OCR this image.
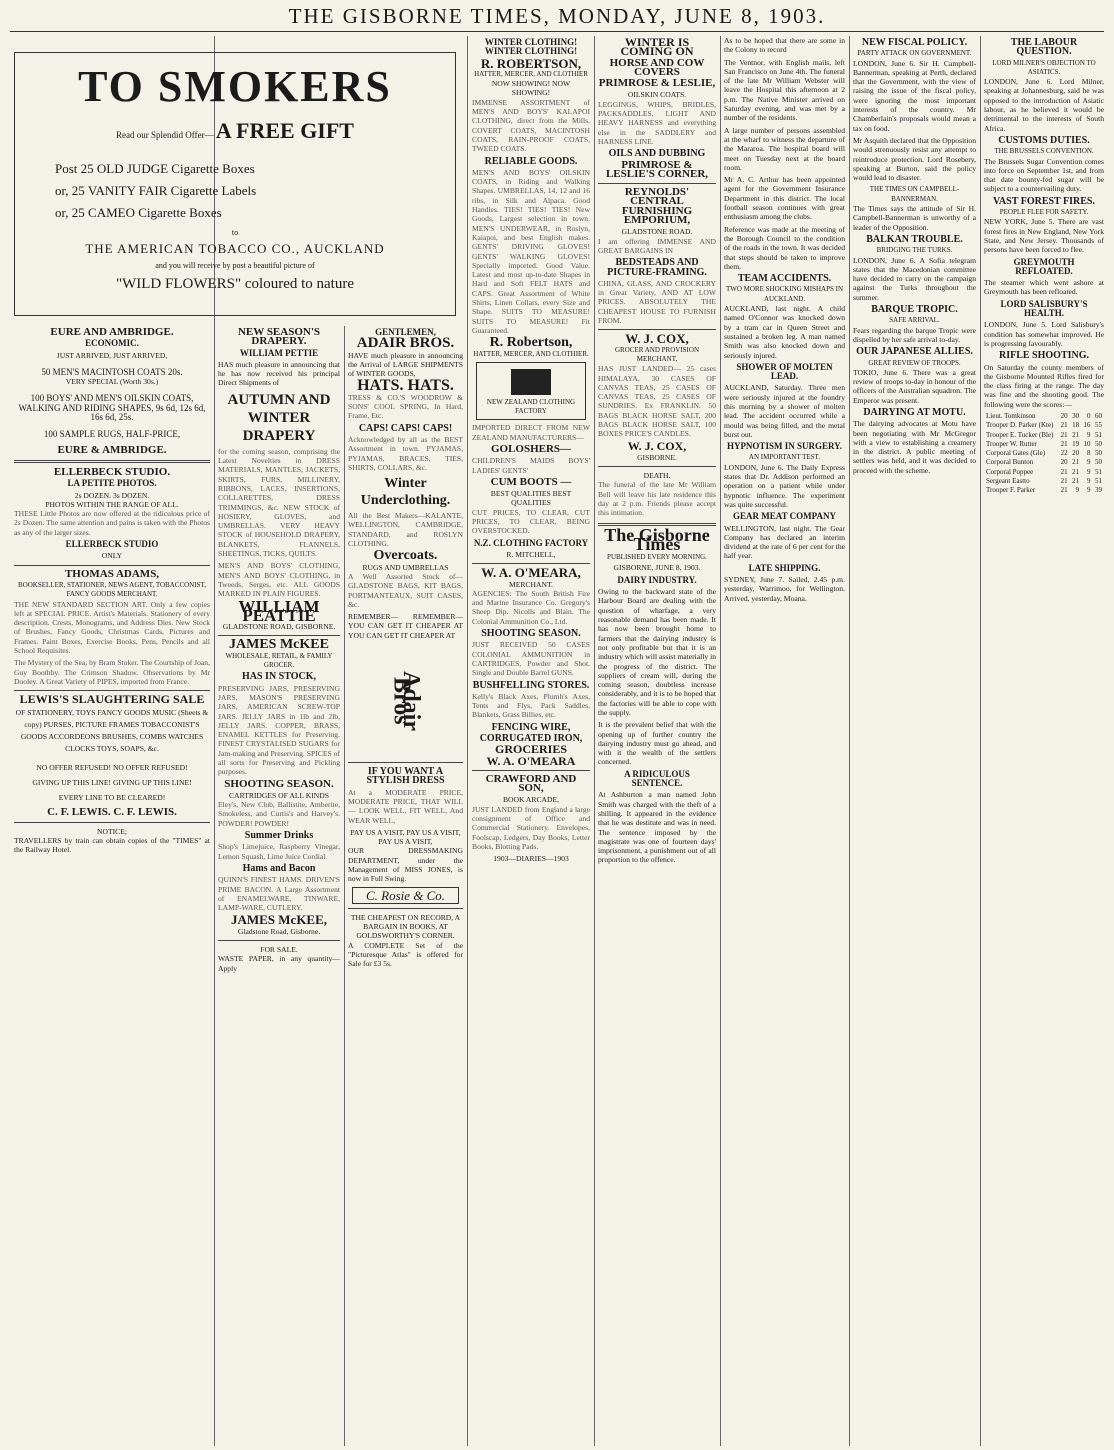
THE GISBORNE TIMES, MONDAY, JUNE 8, 1903.
TO SMOKERS
Read our Splendid Offer— A FREE GIFT
Post 25 OLD JUDGE Cigarette Boxes
or, 25 VANITY FAIR Cigarette Labels
or, 25 CAMEO Cigarette Boxes
to
THE AMERICAN TOBACCO CO., AUCKLAND
and you will receive by post a beautiful picture of
"WILD FLOWERS" coloured to nature
EURE AND AMBRIDGE.
ECONOMIC.
JUST ARRIVED, JUST ARRIVED,
50 MEN'S MACINTOSH COATS 20s.
VERY SPECIAL (Worth 30s.)
100 BOYS' AND MEN'S OILSKIN COATS, WALKING AND RIDING SHAPES, 9s 6d, 12s 6d, 16s 6d, 25s.
100 SAMPLE RUGS, HALF-PRICE,
EURE & AMBRIDGE.
ELLERBECK STUDIO.
LA PETITE PHOTOS.
2s DOZEN. 3s DOZEN.
PHOTOS WITHIN THE RANGE OF ALL.

THESE Little Photos are now offered at the ridiculous price of 2s Dozen. The same attention and pains is taken with the Photos as any of the larger sizes.

ELLERBECK STUDIO
ONLY
THOMAS ADAMS,
BOOKSELLER, STATIONER, NEWS AGENT, TOBACCONIST, FANCY GOODS MERCHANT.

THE NEW STANDARD SECTION ART. Only a few copies left at SPECIAL PRICE. Artist's Materials. Stationery of every description. Crests, Monograms, and Address Dies. New Stock of Brushes, Fancy Goods, Christmas Cards, Pictures and Frames. Paint Boxes, Exercise Books, Pens, Pencils and all School Requisites.

The Mystery of the Sea, by Bram Stoker. The Courtship of Joan, Guy Boothby. The Crimson Shadow. Observations by Mr Dooley. A Great Variety of PIPES, imported from France.

LEWIS'S SLAUGHTERING SALE
OF STATIONERY, TOYS FANCY GOODS MUSIC (Sheets & copy) PURSES, PICTURE FRAMES TOBACCONIST'S GOODS ACCORDEONS BRUSHES, COMBS WATCHES CLOCKS TOYS, SOAPS, &c.
NO OFFER REFUSED! NO OFFER REFUSED!
GIVING UP THIS LINE! GIVING UP THIS LINE!
EVERY LINE TO BE CLEARED!
C. F. LEWIS. C. F. LEWIS.
NOTICE;

TRAVELLERS by train can obtain copies of the "TIMES" at the Railway Hotel.

NEW SEASON'S DRAPERY.
WILLIAM PETTIE

HAS much pleasure in announcing that he has now received his principal Direct Shipments of

AUTUMN AND WINTER DRAPERY

for the coming season, comprising the Latest Novelties in DRESS MATERIALS, MANTLES, JACKETS, SKIRTS, FURS, MILLINERY, RIBBONS, LACES, INSERTIONS, COLLARETTES, DRESS TRIMMINGS, &c. NEW STOCK of HOSIERY, GLOVES, and UMBRELLAS. VERY HEAVY STOCK of HOUSEHOLD DRAPERY, BLANKETS, FLANNELS, SHEETINGS, TICKS, QUILTS.

MEN'S AND BOYS' CLOTHING, MEN'S AND BOYS' CLOTHING, in Tweeds, Serges, etc. ALL GOODS MARKED IN PLAIN FIGURES.

WILLIAM PEATTIE
GLADSTONE ROAD, GISBORNE.
JAMES McKEE
WHOLESALE, RETAIL, & FAMILY GROCER.
HAS IN STOCK,

PRESERVING JARS, PRESERVING JARS, MASON'S PRESERVING JARS, AMERICAN SCREW-TOP JARS. JELLY JARS in 1lb and 2lb, JELLY JARS. COPPER, BRASS, ENAMEL KETTLES for Preserving. FINEST CRYSTALISED SUGARS for Jam-making and Preserving. SPICES of all sorts for Preserving and Pickling purposes.

SHOOTING SEASON.
CARTRIDGES OF ALL KINDS

Eley's, New Club, Ballistite, Amberite, Smokeless, and Curtis's and Harvey's. POWDER! POWDER!

Summer Drinks

Shop's Limejuice, Raspberry Vinegar, Lemon Squash, Lime Juice Cordial.

Hams and Bacon

QUINN'S FINEST HAMS. DRIVEN'S PRIME BACON. A Large Assortment of ENAMELWARE, TINWARE, LAMP-WARE, CUTLERY.

JAMES McKEE,
Gladstone Road, Gisborne.
FOR SALE.

WASTE PAPER, in any quantity—Apply

GENTLEMEN,
ADAIR BROS.

HAVE much pleasure in announcing the Arrival of LARGE SHIPMENTS of WINTER GOODS,

HATS. HATS.

TRESS & CO.'S WOODROW & SONS' COOL SPRING, In Hard, Frame, Etc.

CAPS! CAPS! CAPS!

Acknowledged by all as the BEST Assortment in town. PYJAMAS, PYJAMAS, BRACES, TIES, SHIRTS, COLLARS, &c.

Winter Underclothing.

All the Best Makers—KALANTE, WELLINGTON, CAMBRIDGE, STANDARD, and ROSLYN CLOTHING.

Overcoats.
RUGS AND UMBRELLAS

A Well Assorted Stock of—GLADSTONE BAGS, KIT BAGS, PORTMANTEAUX, SUIT CASES, &c.

REMEMBER— REMEMBER— YOU CAN GET IT CHEAPER AT YOU CAN GET IT CHEAPER AT

Adair Bros
IF YOU WANT A STYLISH DRESS

At a MODERATE PRICE, MODERATE PRICE, THAT WILL— LOOK WELL, FIT WELL, And WEAR WELL,

PAY US A VISIT, PAY US A VISIT, PAY US A VISIT,

OUR DRESSMAKING DEPARTMENT, under the Management of MISS JONES, is now in Full Swing.

C. Rosie & Co.
THE CHEAPEST ON RECORD, A BARGAIN IN BOOKS, AT GOLDSWORTHY'S CORNER.

A COMPLETE Set of the "Picturesque Atlas" is offered for Sale for £3 5s.

WINTER CLOTHING! WINTER CLOTHING!
R. ROBERTSON,
HATTER, MERCER, AND CLOTHIER
NOW SHOWING! NOW SHOWING!

IMMENSE ASSORTMENT of MEN'S AND BOYS' KALAPOI CLOTHING, direct from the Mills. COVERT COATS, MACINTOSH COATS, RAIN-PROOF COATS, TWEED COATS.

RELIABLE GOODS.

MEN'S AND BOYS' OILSKIN COATS, in Riding and Walking Shapes. UMBRELLAS, 14, 12 and 16 ribs, in Silk and Alpaca. Good Handles. TIES! TIES! TIES! New Goods, Largest selection in town. MEN'S UNDERWEAR, in Roslyn, Kaiapoi, and best English makes. GENTS' DRIVING GLOVES! GENTS' WALKING GLOVES! Specially imported. Good Value. Latest and most up-to-date Shapes in Hard and Soft FELT HATS and CAPS. Great Assortment of White Shirts, Linen Collars, every Size and Shape. SUITS TO MEASURE! SUITS TO MEASURE! Fit Guaranteed.

R. Robertson,
HATTER, MERCER, AND CLOTHIER.
NEW ZEALAND CLOTHING FACTORY

IMPORTED DIRECT FROM NEW ZEALAND MANUFACTURERS—

GOLOSHERS—

CHILDREN'S MAIDS BOYS' LADIES' GENTS'

CUM BOOTS —
BEST QUALITIES BEST QUALITIES

CUT PRICES, TO CLEAR, CUT PRICES, TO CLEAR, BEING OVERSTOCKED.

N.Z. CLOTHING FACTORY
R. MITCHELL,
W. A. O'MEARA,
MERCHANT.

AGENCIES: The South British Fire and Marine Insurance Co. Gregory's Sheep Dip. Nicolls and Blain. The Colonial Ammunition Co., Ltd.

SHOOTING SEASON.

JUST RECEIVED 50 CASES COLONIAL AMMUNITION in CARTRIDGES, Powder and Shot. Single and Double Barrel GUNS.

BUSHFELLING STORES.

Kelly's Black Axes, Plumb's Axes, Tents and Flys, Pack Saddles, Blankets, Grass Billies, etc.

FENCING WIRE,
CORRUGATED IRON,
GROCERIES
W. A. O'MEARA
CRAWFORD AND SON,
BOOK ARCADE,

JUST LANDED from England a large consignment of Office and Commercial Stationery. Envelopes, Foolscap, Ledgers, Day Books, Letter Books, Blotting Pads.

1903—DIARIES—1903
WINTER IS COMING ON
HORSE AND COW COVERS
PRIMROSE & LESLIE,
OILSKIN COATS.

LEGGINGS, WHIPS, BRIDLES, PACKSADDLES, LIGHT AND HEAVY HARNESS and everything else in the SADDLERY and HARNESS LINE.

OILS AND DUBBING
PRIMROSE & LESLIE'S CORNER,
REYNOLDS' CENTRAL FURNISHING EMPORIUM,
GLADSTONE ROAD.

I am offering IMMENSE AND GREAT BARGAINS IN

BEDSTEADS AND PICTURE-FRAMING.

CHINA, GLASS, AND CROCKERY in Great Variety, AND AT LOW PRICES. ABSOLUTELY THE CHEAPEST HOUSE TO FURNISH FROM.

W. J. COX,
GROCER AND PROVISION MERCHANT,

HAS JUST LANDED— 25 cases HIMALAYA, 30 CASES OF CANVAS TEAS, 25 CASES OF CANVAS TEAS, 25 CASES OF SUNDRIES. Ex FRANKLIN. 50 BAGS BLACK HORSE SALT, 200 BAGS BLACK HORSE SALT, 100 BOXES PRICE'S CANDLES.

W. J. COX,
GISBORNE.
DEATH.

The funeral of the late Mr William Bell will leave his late residence this day at 2 p.m. Friends please accept this intimation.

The Gisborne Times
PUBLISHED EVERY MORNING.
GISBORNE, JUNE 8, 1903.
DAIRY INDUSTRY.

Owing to the backward state of the Harbour Board are dealing with the question of wharfage, a very reasonable demand has been made. It has now been brought home to farmers that the dairying industry is not only profitable but that it is an industry which will assist materially in the progress of the district. The suppliers of cream will, during the coming season, doubtless increase considerably, and it is to be hoped that the factories will be able to cope with the supply.

It is the prevalent belief that with the opening up of further country the dairying industry must go ahead, and with it the wealth of the settlers concerned.

A RIDICULOUS SENTENCE.

At Ashburton a man named John Smith was charged with the theft of a shilling. It appeared in the evidence that he was destitute and was in need. The sentence imposed by the magistrate was one of fourteen days' imprisonment, a punishment out of all proportion to the offence.

As to be hoped that there are some in the Colony to record

The Ventnor, with English mails, left San Francisco on June 4th. The funeral of the late Mr William Webster will leave the Hospital this afternoon at 2 p.m. The Native Minister arrived on Saturday evening, and was met by a number of the residents.

A large number of persons assembled at the wharf to witness the departure of the Mararoa. The hospital board will meet on Tuesday next at the board room.

Mr A. C. Arthur has been appointed agent for the Government Insurance Department in this district. The local football season continues with great enthusiasm among the clubs.

Reference was made at the meeting of the Borough Council to the condition of the roads in the town. It was decided that steps should be taken to improve them.

TEAM ACCIDENTS.
TWO MORE SHOCKING MISHAPS IN AUCKLAND.

AUCKLAND, last night. A child named O'Connor was knocked down by a tram car in Queen Street and sustained a broken leg. A man named Smith was also knocked down and seriously injured.

SHOWER OF MOLTEN LEAD.

AUCKLAND, Saturday. Three men were seriously injured at the foundry this morning by a shower of molten lead. The accident occurred while a mould was being filled, and the metal burst out.

HYPNOTISM IN SURGERY.
AN IMPORTANT TEST.

LONDON, June 6. The Daily Express states that Dr. Addison performed an operation on a patient while under hypnotic influence. The experiment was quite successful.

GEAR MEAT COMPANY

WELLINGTON, last night. The Gear Company has declared an interim dividend at the rate of 6 per cent for the half year.

LATE SHIPPING.

SYDNEY, June 7. Sailed, 2.45 p.m. yesterday, Warrimoo, for Wellington. Arrived, yesterday, Moana.

NEW FISCAL POLICY.
PARTY ATTACK ON GOVERNMENT.

LONDON, June 6. Sir H. Campbell-Bannerman, speaking at Perth, declared that the Government, with the view of raising the issue of the fiscal policy, were ignoring the most important interests of the country. Mr Chamberlain's proposals would mean a tax on food.

Mr Asquith declared that the Opposition would strenuously resist any attempt to reintroduce protection. Lord Rosebery, speaking at Burton, said the policy would lead to disaster.

THE TIMES ON CAMPBELL-BANNERMAN.

The Times says the attitude of Sir H. Campbell-Bannerman is unworthy of a leader of the Opposition.

BALKAN TROUBLE.
BRIDGING THE TURKS.

LONDON, June 6. A Sofia telegram states that the Macedonian committee have decided to carry on the campaign against the Turks throughout the summer.

BARQUE TROPIC.
SAFE ARRIVAL.

Fears regarding the barque Tropic were dispelled by her safe arrival to-day.

OUR JAPANESE ALLIES.
GREAT REVIEW OF TROOPS.

TOKIO, June 6. There was a great review of troops to-day in honour of the officers of the Australian squadron. The Emperor was present.

DAIRYING AT MOTU.

The dairying advocates at Motu have been negotiating with Mr McGregor with a view to establishing a creamery in the district. A public meeting of settlers was held, and it was decided to proceed with the scheme.

THE LABOUR QUESTION.
LORD MILNER'S OBJECTION TO ASIATICS.

LONDON, June 6. Lord Milner, speaking at Johannesburg, said he was opposed to the introduction of Asiatic labour, as he believed it would be detrimental to the interests of South Africa.

CUSTOMS DUTIES.
THE BRUSSELS CONVENTION.

The Brussels Sugar Convention comes into force on September 1st, and from that date bounty-fed sugar will be subject to a countervailing duty.

VAST FOREST FIRES.
PEOPLE FLEE FOR SAFETY.

NEW YORK, June 5. There are vast forest fires in New England, New York State, and New Jersey. Thousands of persons have been forced to flee.

GREYMOUTH REFLOATED.

The steamer which went ashore at Greymouth has been refloated.

LORD SALISBURY'S HEALTH.

LONDON, June 5. Lord Salisbury's condition has somewhat improved. He is progressing favourably.

RIFLE SHOOTING.

On Saturday the county members of the Gisborne Mounted Rifles fired for the class firing at the range. The day was fine and the shooting good. The following were the scores:—

Lieut. Tomkinson	20	30	0	60
Trooper D. Parker (Kte)	21	18	16	55
Trooper E. Tucker (Ble)	21	21	9	51
Trooper W. Rutter	21	19	10	50
Corporal Gates (Gle)	22	20	8	50
Corporal Bunton	20	21	9	50
Corporal Poppee	21	21	9	51
Sergeant Eastto	21	21	9	51
Trooper F. Parker	21	9	9	39
